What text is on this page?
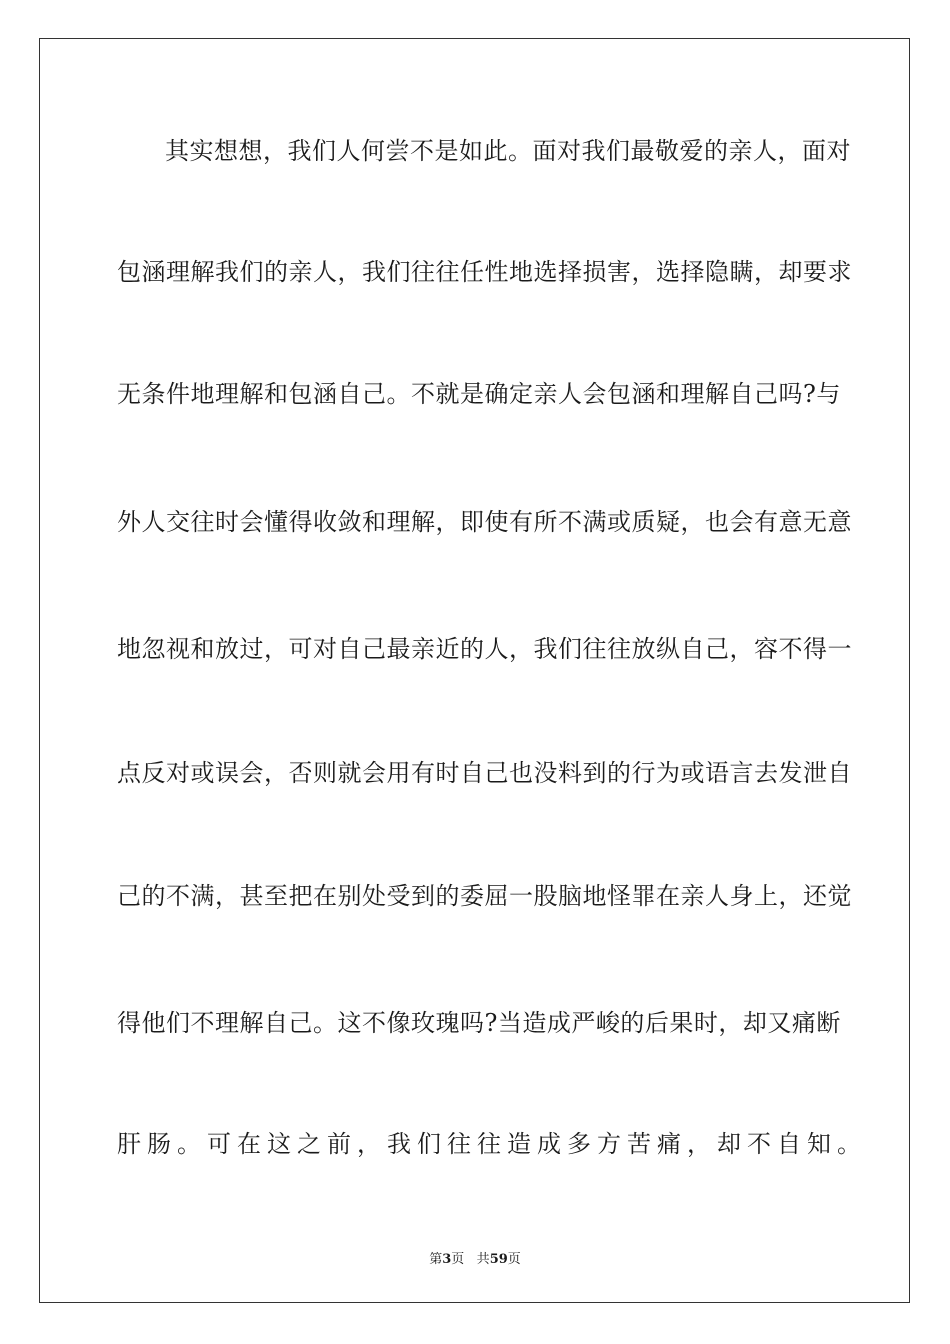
其实想想，我们人何尝不是如此。面对我们最敬爱的亲人，面对
包涵理解我们的亲人，我们往往任性地选择损害，选择隐瞒，却要求
无条件地理解和包涵自己。不就是确定亲人会包涵和理解自己吗?与
外人交往时会懂得收敛和理解，即使有所不满或质疑，也会有意无意
地忽视和放过，可对自己最亲近的人，我们往往放纵自己，容不得一
点反对或误会，否则就会用有时自己也没料到的行为或语言去发泄自
己的不满，甚至把在别处受到的委屈一股脑地怪罪在亲人身上，还觉
得他们不理解自己。这不像玫瑰吗?当造成严峻的后果时，却又痛断
肝肠。可在这之前，我们往往造成多方苦痛，却不自知。
第3页 共59页
